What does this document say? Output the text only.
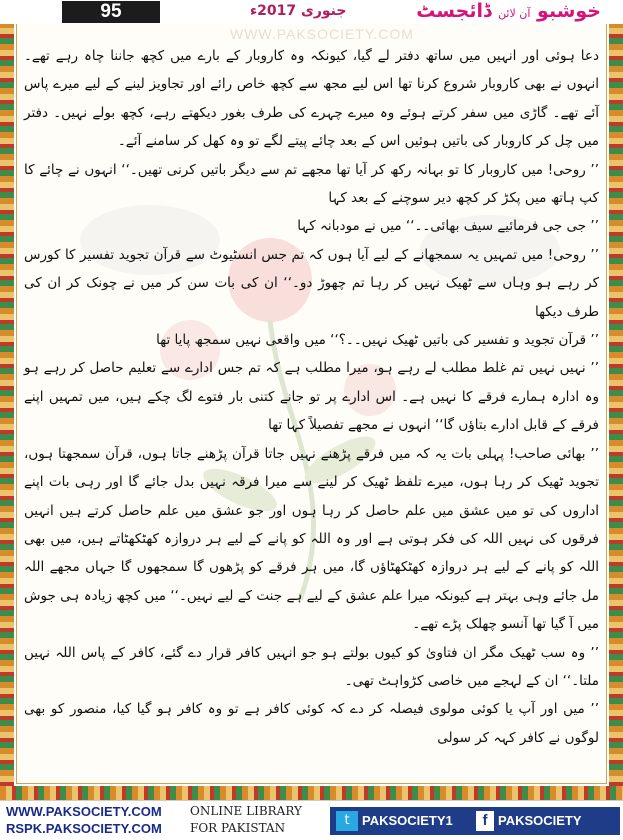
95	جنوری 2017ء	خوشبو آن لائن ڈائجسٹ
WWW.PAKSOCIETY.COM

دعا ہوئی اور انہیں میں ساتھ دفتر لے گیا، کیونکہ وہ کاروبار کے بارے میں کچھ جاننا چاہ رہے تھے۔ انہوں نے بھی کاروبار شروع کرنا تھا اس لیے مجھ سے کچھ خاص رائے اور تجاویز لینے کے لیے میرے پاس آئے تھے۔ گاڑی میں سفر کرتے ہوئے وہ میرے چہرے کی طرف بغور دیکھتے رہے، کچھ بولے نہیں۔ دفتر میں چل کر کاروبار کی باتیں ہوئیں اس کے بعد چائے پیتے لگے تو وہ کھل کر سامنے آئے۔

’’ روحی! میں کاروبار کا تو بہانہ رکھ کر آیا تھا مجھے تم سے دیگر باتیں کرنی تھیں۔‘‘ انہوں نے چائے کا کپ ہاتھ میں پکڑ کر کچھ دیر سوچنے کے بعد کہا

’’ جی جی فرمائیے سیف بھائی۔۔‘‘ میں نے مودبانہ کہا

’’ روحی! میں تمہیں یہ سمجھانے کے لیے آیا ہوں کہ تم جس انسٹیوٹ سے قرآن تجوید تفسیر کا کورس کر رہے ہو وہاں سے ٹھیک نہیں کر رہا تم چھوڑ دو۔‘‘ ان کی بات سن کر میں نے چونک کر ان کی طرف دیکھا

’’ قرآن تجوید و تفسیر کی باتیں ٹھیک نہیں۔۔؟‘‘ میں واقعی نہیں سمجھ پایا تھا

’’ نہیں نہیں تم غلط مطلب لے رہے ہو، میرا مطلب ہے کہ تم جس ادارے سے تعلیم حاصل کر رہے ہو وہ ادارہ ہمارے فرقے کا نہیں ہے۔ اس ادارے پر تو جانے کتنی بار فتوے لگ چکے ہیں، میں تمہیں اپنے فرقے کے قابل ادارے بتاؤں گا‘‘ انہوں نے مجھے تفصیلاً کہا تھا

’’ بھائی صاحب! پہلی بات یہ کہ میں فرقے پڑھنے نہیں جاتا قرآن پڑھنے جاتا ہوں، قرآن سمجھتا ہوں، تجوید ٹھیک کر رہا ہوں، میرے تلفظ ٹھیک کر لینے سے میرا فرقہ نہیں بدل جائے گا اور رہی بات اپنے اداروں کی تو میں عشق میں علم حاصل کر رہا ہوں اور جو عشق میں علم حاصل کرتے ہیں انہیں فرقوں کی نہیں اللہ کی فکر ہوتی ہے اور وہ اللہ کو پانے کے لیے ہر دروازہ کھٹکھٹاتے ہیں، میں بھی اللہ کو پانے کے لیے ہر دروازہ کھٹکھٹاؤں گا، میں ہر فرقے کو پڑھوں گا سمجھوں گا جہاں مجھے اللہ مل جائے وہی بہتر ہے کیونکہ میرا علم عشق کے لیے ہے جنت کے لیے نہیں۔‘‘ میں کچھ زیادہ ہی جوش میں آ گیا تھا آنسو چھلک پڑے تھے۔

’’ وہ سب ٹھیک مگر ان فتاویٰ کو کیوں بولتے ہو جو انہیں کافر قرار دے گئے، کافر کے پاس اللہ نہیں ملتا۔‘‘ ان کے لہجے میں خاصی کڑواہٹ تھی۔

’’ میں اور آپ یا کوئی مولوی فیصلہ کر دے کہ کوئی کافر ہے تو وہ کافر ہو گیا کیا، منصور کو بھی لوگوں نے کافر کہہ کر سولی

WWW.PAKSOCIETY.COM
RSPK.PAKSOCIETY.COM
ONLINE LIBRARY
FOR PAKISTAN	t PAKSOCIETY1	f PAKSOCIETY
